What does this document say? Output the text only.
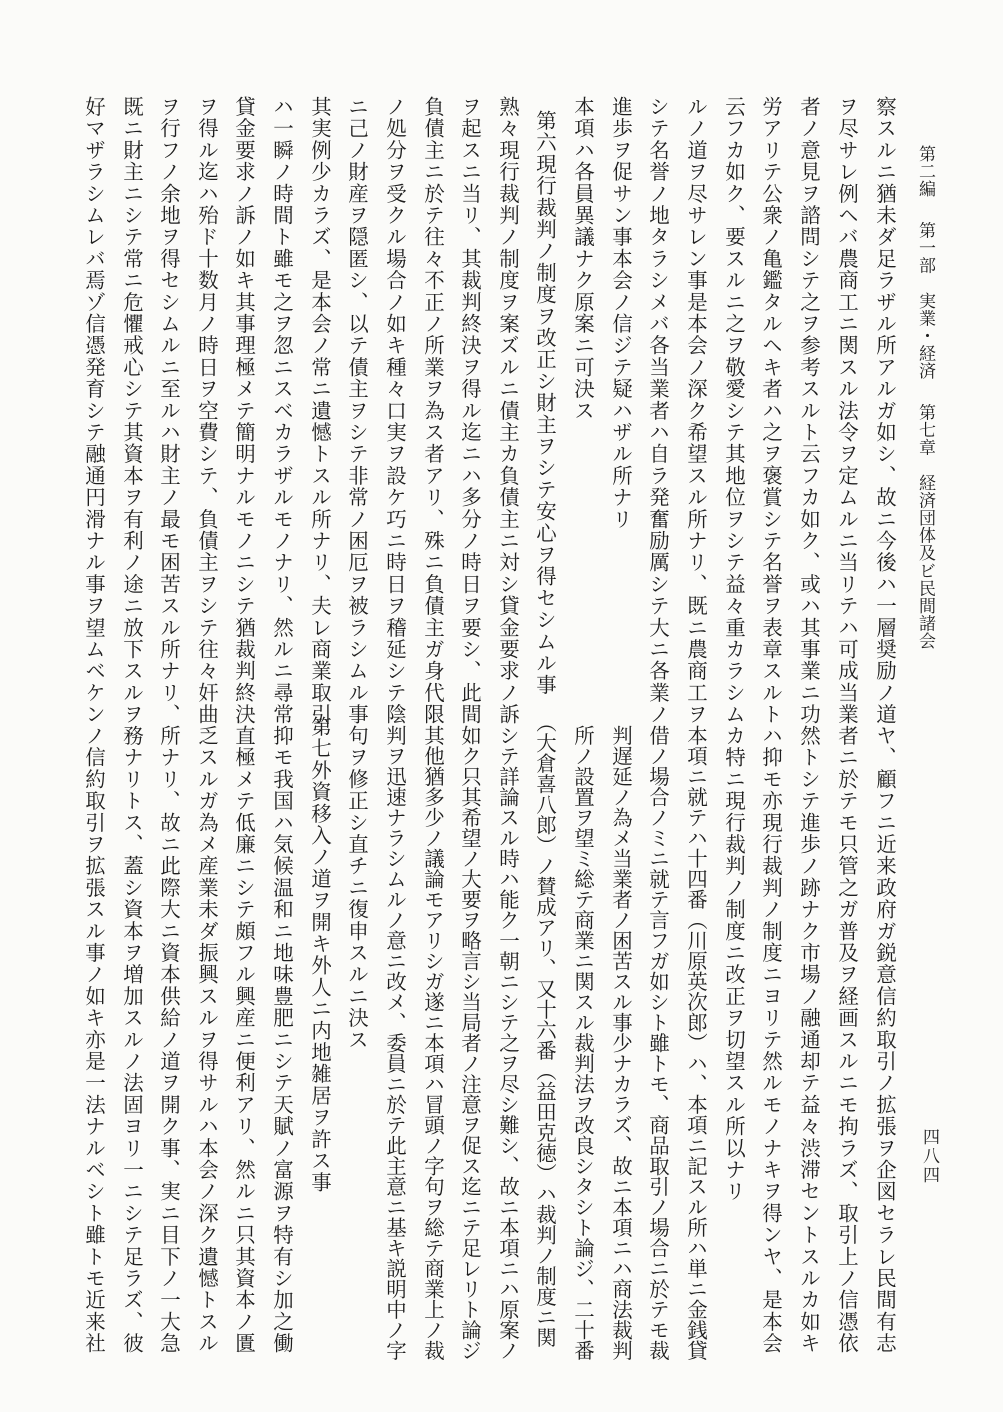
第二編　 第一部　実業・経済　 第七章　経済団体及ビ民間諸会
四八四
察スルニ猶未ダ足ラザル所アルガ如シ、故ニ今後ハ一層奨励ノ道
ヲ尽サレ例ヘバ農商工ニ関スル法令ヲ定ムルニ当リテハ可成当業
者ノ意見ヲ諮問シテ之ヲ参考スルト云フカ如ク、或ハ其事業ニ功
労アリテ公衆ノ亀鑑タルヘキ者ハ之ヲ褒賞シテ名誉ヲ表章スルト
云フカ如ク、要スルニ之ヲ敬愛シテ其地位ヲシテ益々重カラシム
ルノ道ヲ尽サレン事是本会ノ深ク希望スル所ナリ、既ニ農商工ヲ
シテ名誉ノ地タラシメバ各当業者ハ自ラ発奮励厲シテ大ニ各業ノ
進歩ヲ促サン事本会ノ信ジテ疑ハザル所ナリ
本項ハ各員異議ナク原案ニ可決ス
第六現行裁判ノ制度ヲ改正シ財主ヲシテ安心ヲ得セシムル事
熟々現行裁判ノ制度ヲ案ズルニ債主カ負債主ニ対シ貸金要求ノ訴
ヲ起スニ当リ、其裁判終決ヲ得ル迄ニハ多分ノ時日ヲ要シ、此間
負債主ニ於テ往々不正ノ所業ヲ為ス者アリ、殊ニ負債主ガ身代限
ノ処分ヲ受クル場合ノ如キ種々口実ヲ設ケ巧ニ時日ヲ稽延シテ陰
ニ己ノ財産ヲ隠匿シ、以テ債主ヲシテ非常ノ困厄ヲ被ラシムル事
其実例少カラズ、是本会ノ常ニ遺憾トスル所ナリ、夫レ商業取引
ハ一瞬ノ時間ト雖モ之ヲ忽ニスベカラザルモノナリ、然ルニ尋常
貸金要求ノ訴ノ如キ其事理極メテ簡明ナルモノニシテ猶裁判終決
ヲ得ル迄ハ殆ド十数月ノ時日ヲ空費シテ、負債主ヲシテ往々奸曲
ヲ行フノ余地ヲ得セシムルニ至ルハ財主ノ最モ困苦スル所ナリ、
既ニ財主ニシテ常ニ危懼戒心シテ其資本ヲ有利ノ途ニ放下スルヲ
好マザラシムレバ焉ゾ信憑発育シテ融通円滑ナル事ヲ望ムベケン
ヤ、顧フニ近来政府ガ鋭意信約取引ノ拡張ヲ企図セラレ民間有志
者ニ於テモ只管之ガ普及ヲ経画スルニモ拘ラズ、取引上ノ信憑依
然トシテ進歩ノ跡ナク市場ノ融通却テ益々渋滞セントスルカ如キ
ハ抑モ亦現行裁判ノ制度ニヨリテ然ルモノナキヲ得ンヤ、是本会
カ特ニ現行裁判ノ制度ニ改正ヲ切望スル所以ナリ
本項ニ就テハ十四番（川原英次郎）ハ、本項ニ記スル所ハ単ニ金銭貸
借ノ場合ノミニ就テ言フガ如シト雖トモ、商品取引ノ場合ニ於テモ裁
判遅延ノ為メ当業者ノ困苦スル事少ナカラズ、故ニ本項ニハ商法裁判
所ノ設置ヲ望ミ総テ商業ニ関スル裁判法ヲ改良シタシト論ジ、二十番
（大倉喜八郎）ノ賛成アリ、又十六番（益田克徳）ハ裁判ノ制度ニ関
シテ詳論スル時ハ能ク一朝ニシテ之ヲ尽シ難シ、故ニ本項ニハ原案ノ
如ク只其希望ノ大要ヲ略言シ当局者ノ注意ヲ促ス迄ニテ足レリト論ジ
其他猶多少ノ議論モアリシガ遂ニ本項ハ冒頭ノ字句ヲ総テ商業上ノ裁
判ヲ迅速ナラシムルノ意ニ改メ、委員ニ於テ此主意ニ基キ説明中ノ字
句ヲ修正シ直チニ復申スルニ決ス
第七外資移入ノ道ヲ開キ外人ニ内地雑居ヲ許ス事
抑モ我国ハ気候温和ニ地味豊肥ニシテ天賦ノ富源ヲ特有シ加之働
直極メテ低廉ニシテ頗フル興産ニ便利アリ、然ルニ只其資本ノ匱
乏スルガ為メ産業未ダ振興スルヲ得サルハ本会ノ深ク遺憾トスル
所ナリ、故ニ此際大ニ資本供給ノ道ヲ開ク事、実ニ目下ノ一大急
務ナリトス、蓋シ資本ヲ増加スルノ法固ヨリ一ニシテ足ラズ、彼
ノ信約取引ヲ拡張スル事ノ如キ亦是一法ナルベシト雖トモ近来社
